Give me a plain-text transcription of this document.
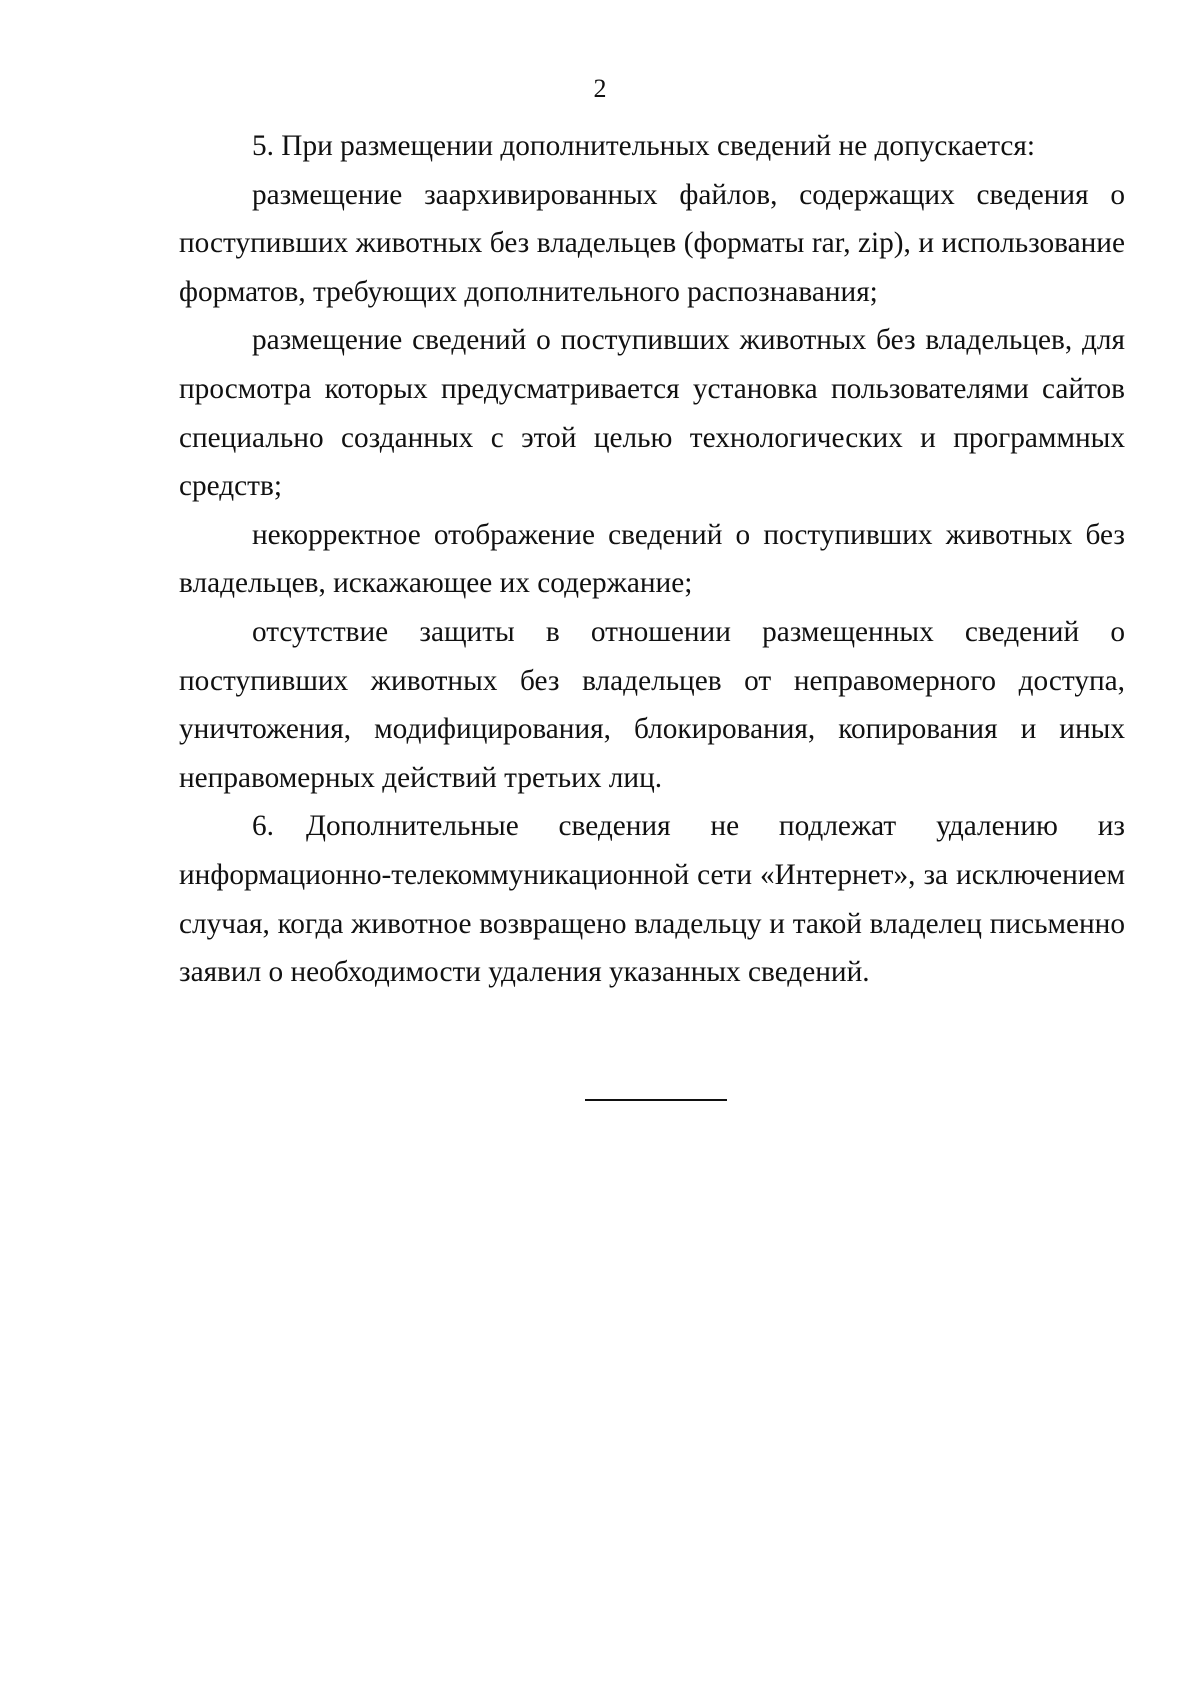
2

5. При размещении дополнительных сведений не допускается:

размещение заархивированных файлов, содержащих сведения о поступивших животных без владельцев (форматы rar, zip), и использование форматов, требующих дополнительного распознавания;

размещение сведений о поступивших животных без владельцев, для просмотра которых предусматривается установка пользователями сайтов специально созданных с этой целью технологических и программных средств;

некорректное отображение сведений о поступивших животных без владельцев, искажающее их содержание;

отсутствие защиты в отношении размещенных сведений о поступивших животных без владельцев от неправомерного доступа, уничтожения, модифицирования, блокирования, копирования и иных неправомерных действий третьих лиц.

6. Дополнительные сведения не подлежат удалению из информационно-телекоммуникационной сети «Интернет», за исключением случая, когда животное возвращено владельцу и такой владелец письменно заявил о необходимости удаления указанных сведений.
